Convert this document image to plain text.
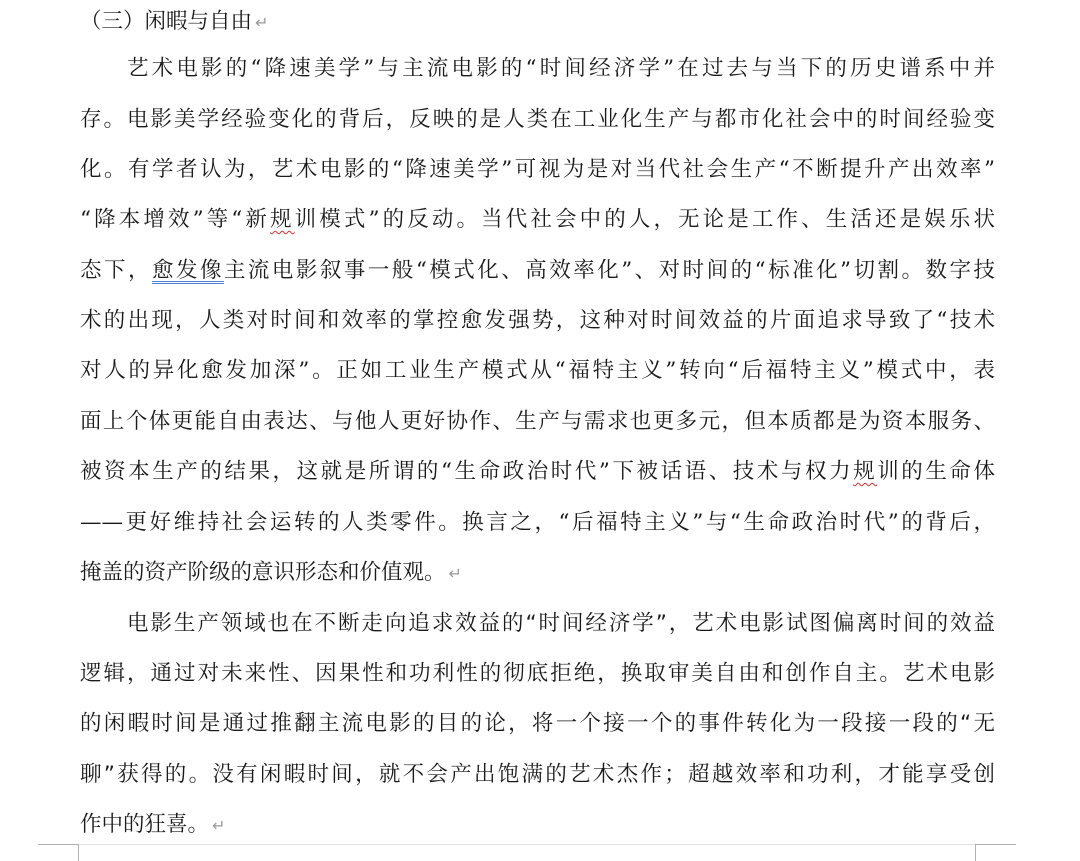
（三）闲暇与自由 ↵
艺术电影的“降速美学”与主流电影的“时间经济学”在过去与当下的历史谱系中并
存。电影美学经验变化的背后，反映的是人类在工业化生产与都市化社会中的时间经验变
化。有学者认为，艺术电影的“降速美学”可视为是对当代社会生产“不断提升产出效率”
“降本增效”等“新规训模式”的反动。当代社会中的人，无论是工作、生活还是娱乐状
态下，愈发像主流电影叙事一般“模式化、高效率化”、对时间的“标准化”切割。数字技
术的出现，人类对时间和效率的掌控愈发强势，这种对时间效益的片面追求导致了“技术
对人的异化愈发加深”。正如工业生产模式从“福特主义”转向“后福特主义”模式中，表
面上个体更能自由表达、与他人更好协作、生产与需求也更多元，但本质都是为资本服务、
被资本生产的结果，这就是所谓的“生命政治时代”下被话语、技术与权力规训的生命体
——更好维持社会运转的人类零件。换言之，“后福特主义”与“生命政治时代”的背后，
掩盖的资产阶级的意识形态和价值观。 ↵
电影生产领域也在不断走向追求效益的“时间经济学”，艺术电影试图偏离时间的效益
逻辑，通过对未来性、因果性和功利性的彻底拒绝，换取审美自由和创作自主。艺术电影
的闲暇时间是通过推翻主流电影的目的论，将一个接一个的事件转化为一段接一段的“无
聊”获得的。没有闲暇时间，就不会产出饱满的艺术杰作；超越效率和功利，才能享受创
作中的狂喜。 ↵
